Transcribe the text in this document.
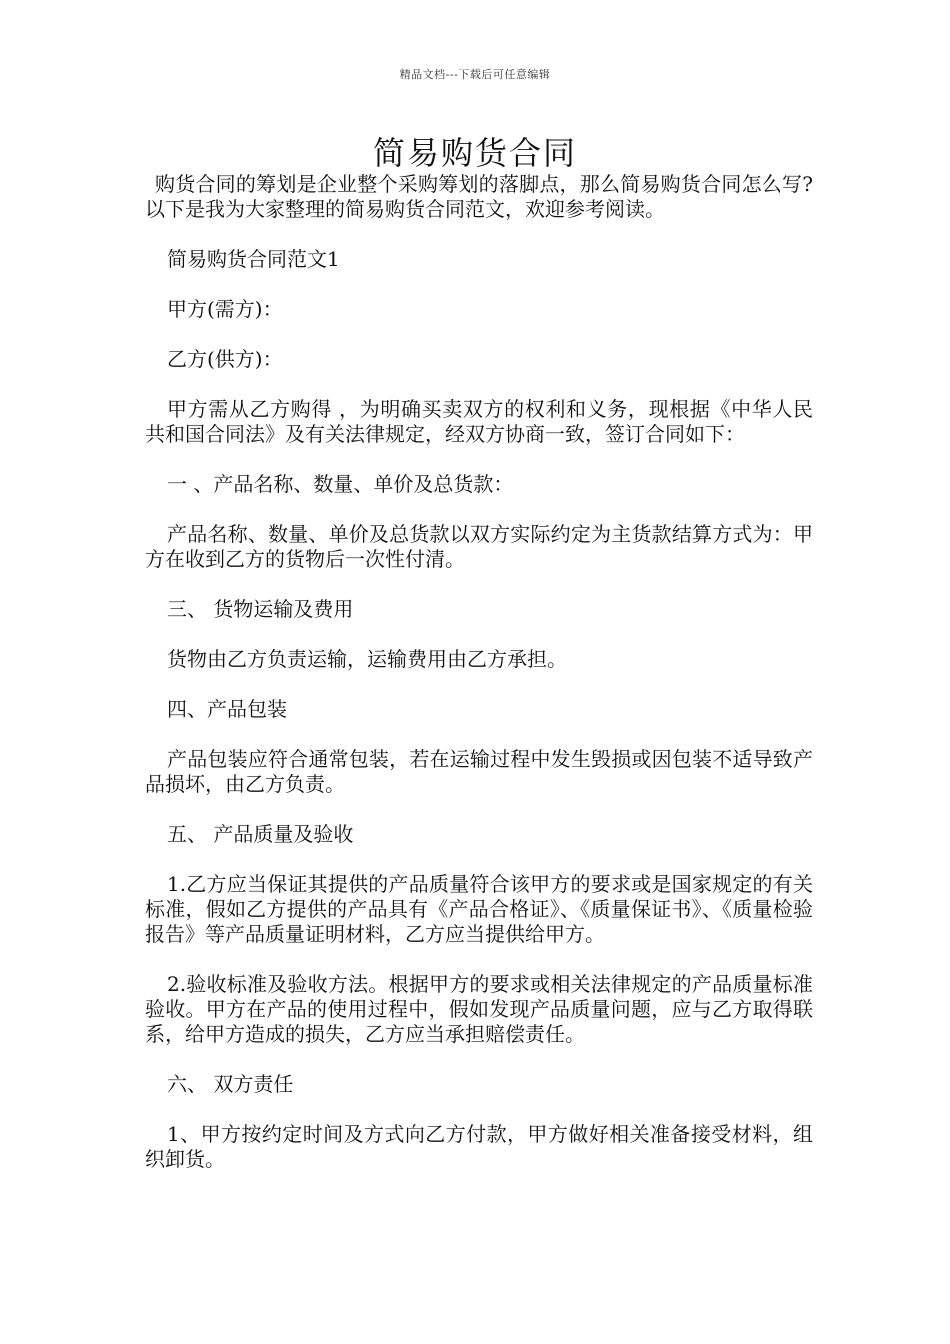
精品文档---下载后可任意编辑
简易购货合同

购货合同的筹划是企业整个采购筹划的落脚点，那么简易购货合同怎么写?以下是我为大家整理的简易购货合同范文，欢迎参考阅读。

简易购货合同范文1

甲方(需方)：

乙方(供方)：

甲方需从乙方购得 ，为明确买卖双方的权利和义务，现根据《中华人民共和国合同法》及有关法律规定，经双方协商一致，签订合同如下：

一 、产品名称、数量、单价及总货款：

产品名称、数量、单价及总货款以双方实际约定为主货款结算方式为：甲方在收到乙方的货物后一次性付清。

三、 货物运输及费用

货物由乙方负责运输，运输费用由乙方承担。

四、产品包装

产品包装应符合通常包装，若在运输过程中发生毁损或因包装不适导致产品损坏，由乙方负责。

五、 产品质量及验收

1.乙方应当保证其提供的产品质量符合该甲方的要求或是国家规定的有关标准，假如乙方提供的产品具有《产品合格证》、《质量保证书》、《质量检验报告》等产品质量证明材料，乙方应当提供给甲方。

2.验收标准及验收方法。根据甲方的要求或相关法律规定的产品质量标准验收。甲方在产品的使用过程中，假如发现产品质量问题，应与乙方取得联系，给甲方造成的损失，乙方应当承担赔偿责任。

六、 双方责任

1、甲方按约定时间及方式向乙方付款，甲方做好相关准备接受材料，组织卸货。
